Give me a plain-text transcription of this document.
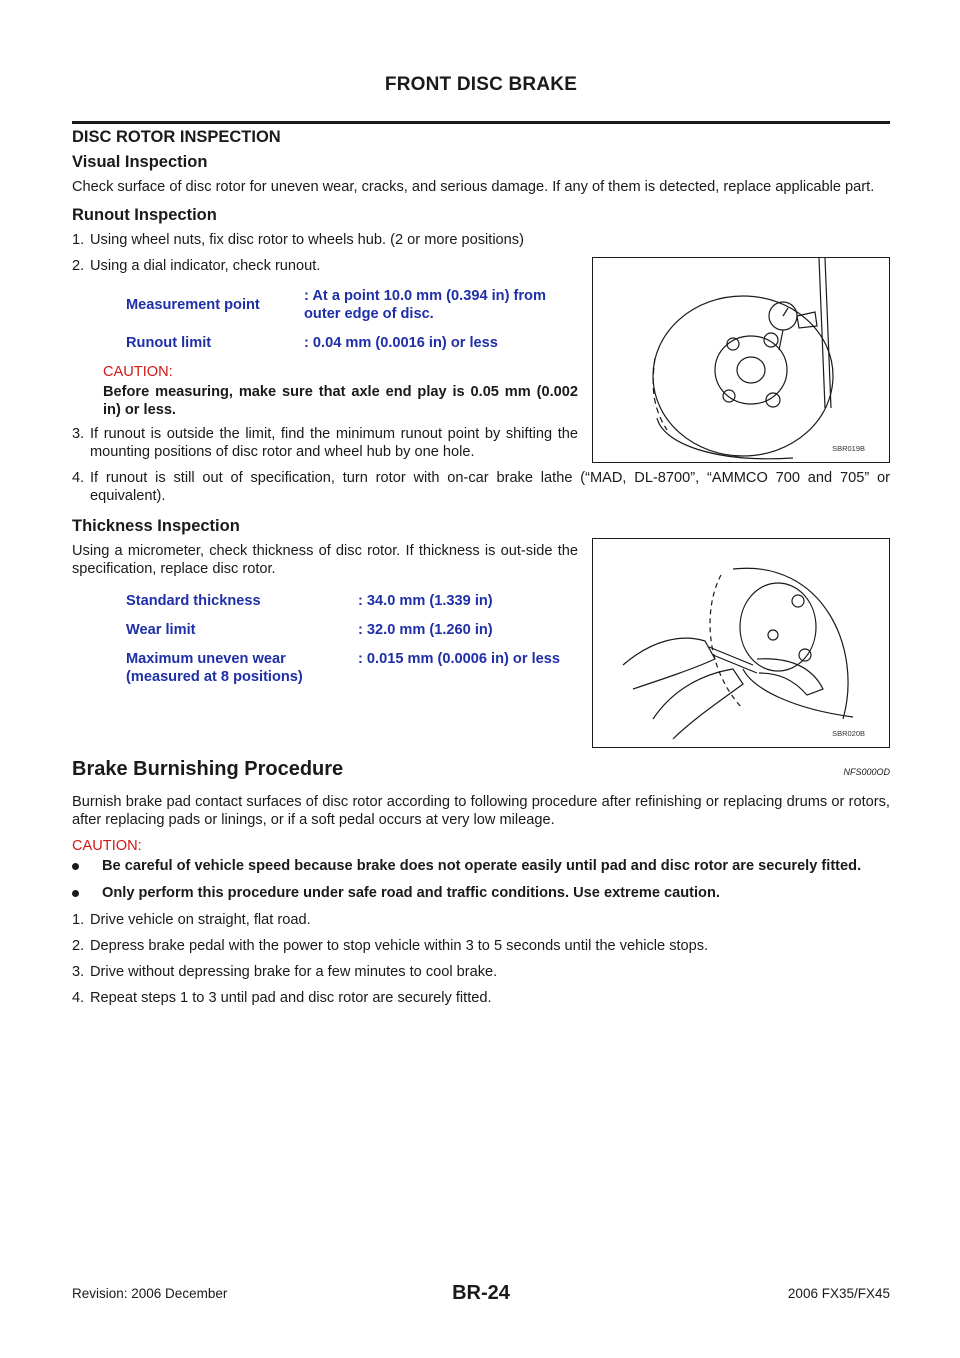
FRONT DISC BRAKE
DISC ROTOR INSPECTION
Visual Inspection

Check surface of disc rotor for uneven wear, cracks, and serious damage. If any of them is detected, replace applicable part.

Runout Inspection
1. Using wheel nuts, fix disc rotor to wheels hub. (2 or more positions)
2. Using a dial indicator, check runout.
Measurement point
: At a point 10.0 mm (0.394 in) from outer edge of disc.
Runout limit	: 0.04 mm (0.0016 in) or less
CAUTION:
Before measuring, make sure that axle end play is 0.05 mm (0.002 in) or less.
3. If runout is outside the limit, find the minimum runout point by shifting the mounting positions of disc rotor and wheel hub by one hole.	SBR019B
4. If runout is still out of specification, turn rotor with on-car brake lathe (“MAD, DL-8700”, “AMMCO 700 and 705” or equivalent).
Thickness Inspection

Using a micrometer, check thickness of disc rotor. If thickness is out-side the specification, replace disc rotor.

Standard thickness	: 34.0 mm (1.339 in)
Wear limit	: 32.0 mm (1.260 in)
Maximum uneven wear (measured at 8 positions)
: 0.015 mm (0.0006 in) or less
SBR020B
Brake Burnishing Procedure	NFS000OD

Burnish brake pad contact surfaces of disc rotor according to following procedure after refinishing or replacing drums or rotors, after replacing pads or linings, or if a soft pedal occurs at very low mileage.

CAUTION:
Be careful of vehicle speed because brake does not operate easily until pad and disc rotor are securely fitted.
Only perform this procedure under safe road and traffic conditions. Use extreme caution.
1. Drive vehicle on straight, flat road.
2. Depress brake pedal with the power to stop vehicle within 3 to 5 seconds until the vehicle stops.
3. Drive without depressing brake for a few minutes to cool brake.
4. Repeat steps 1 to 3 until pad and disc rotor are securely fitted.
Revision: 2006 December	BR-24	2006 FX35/FX45
